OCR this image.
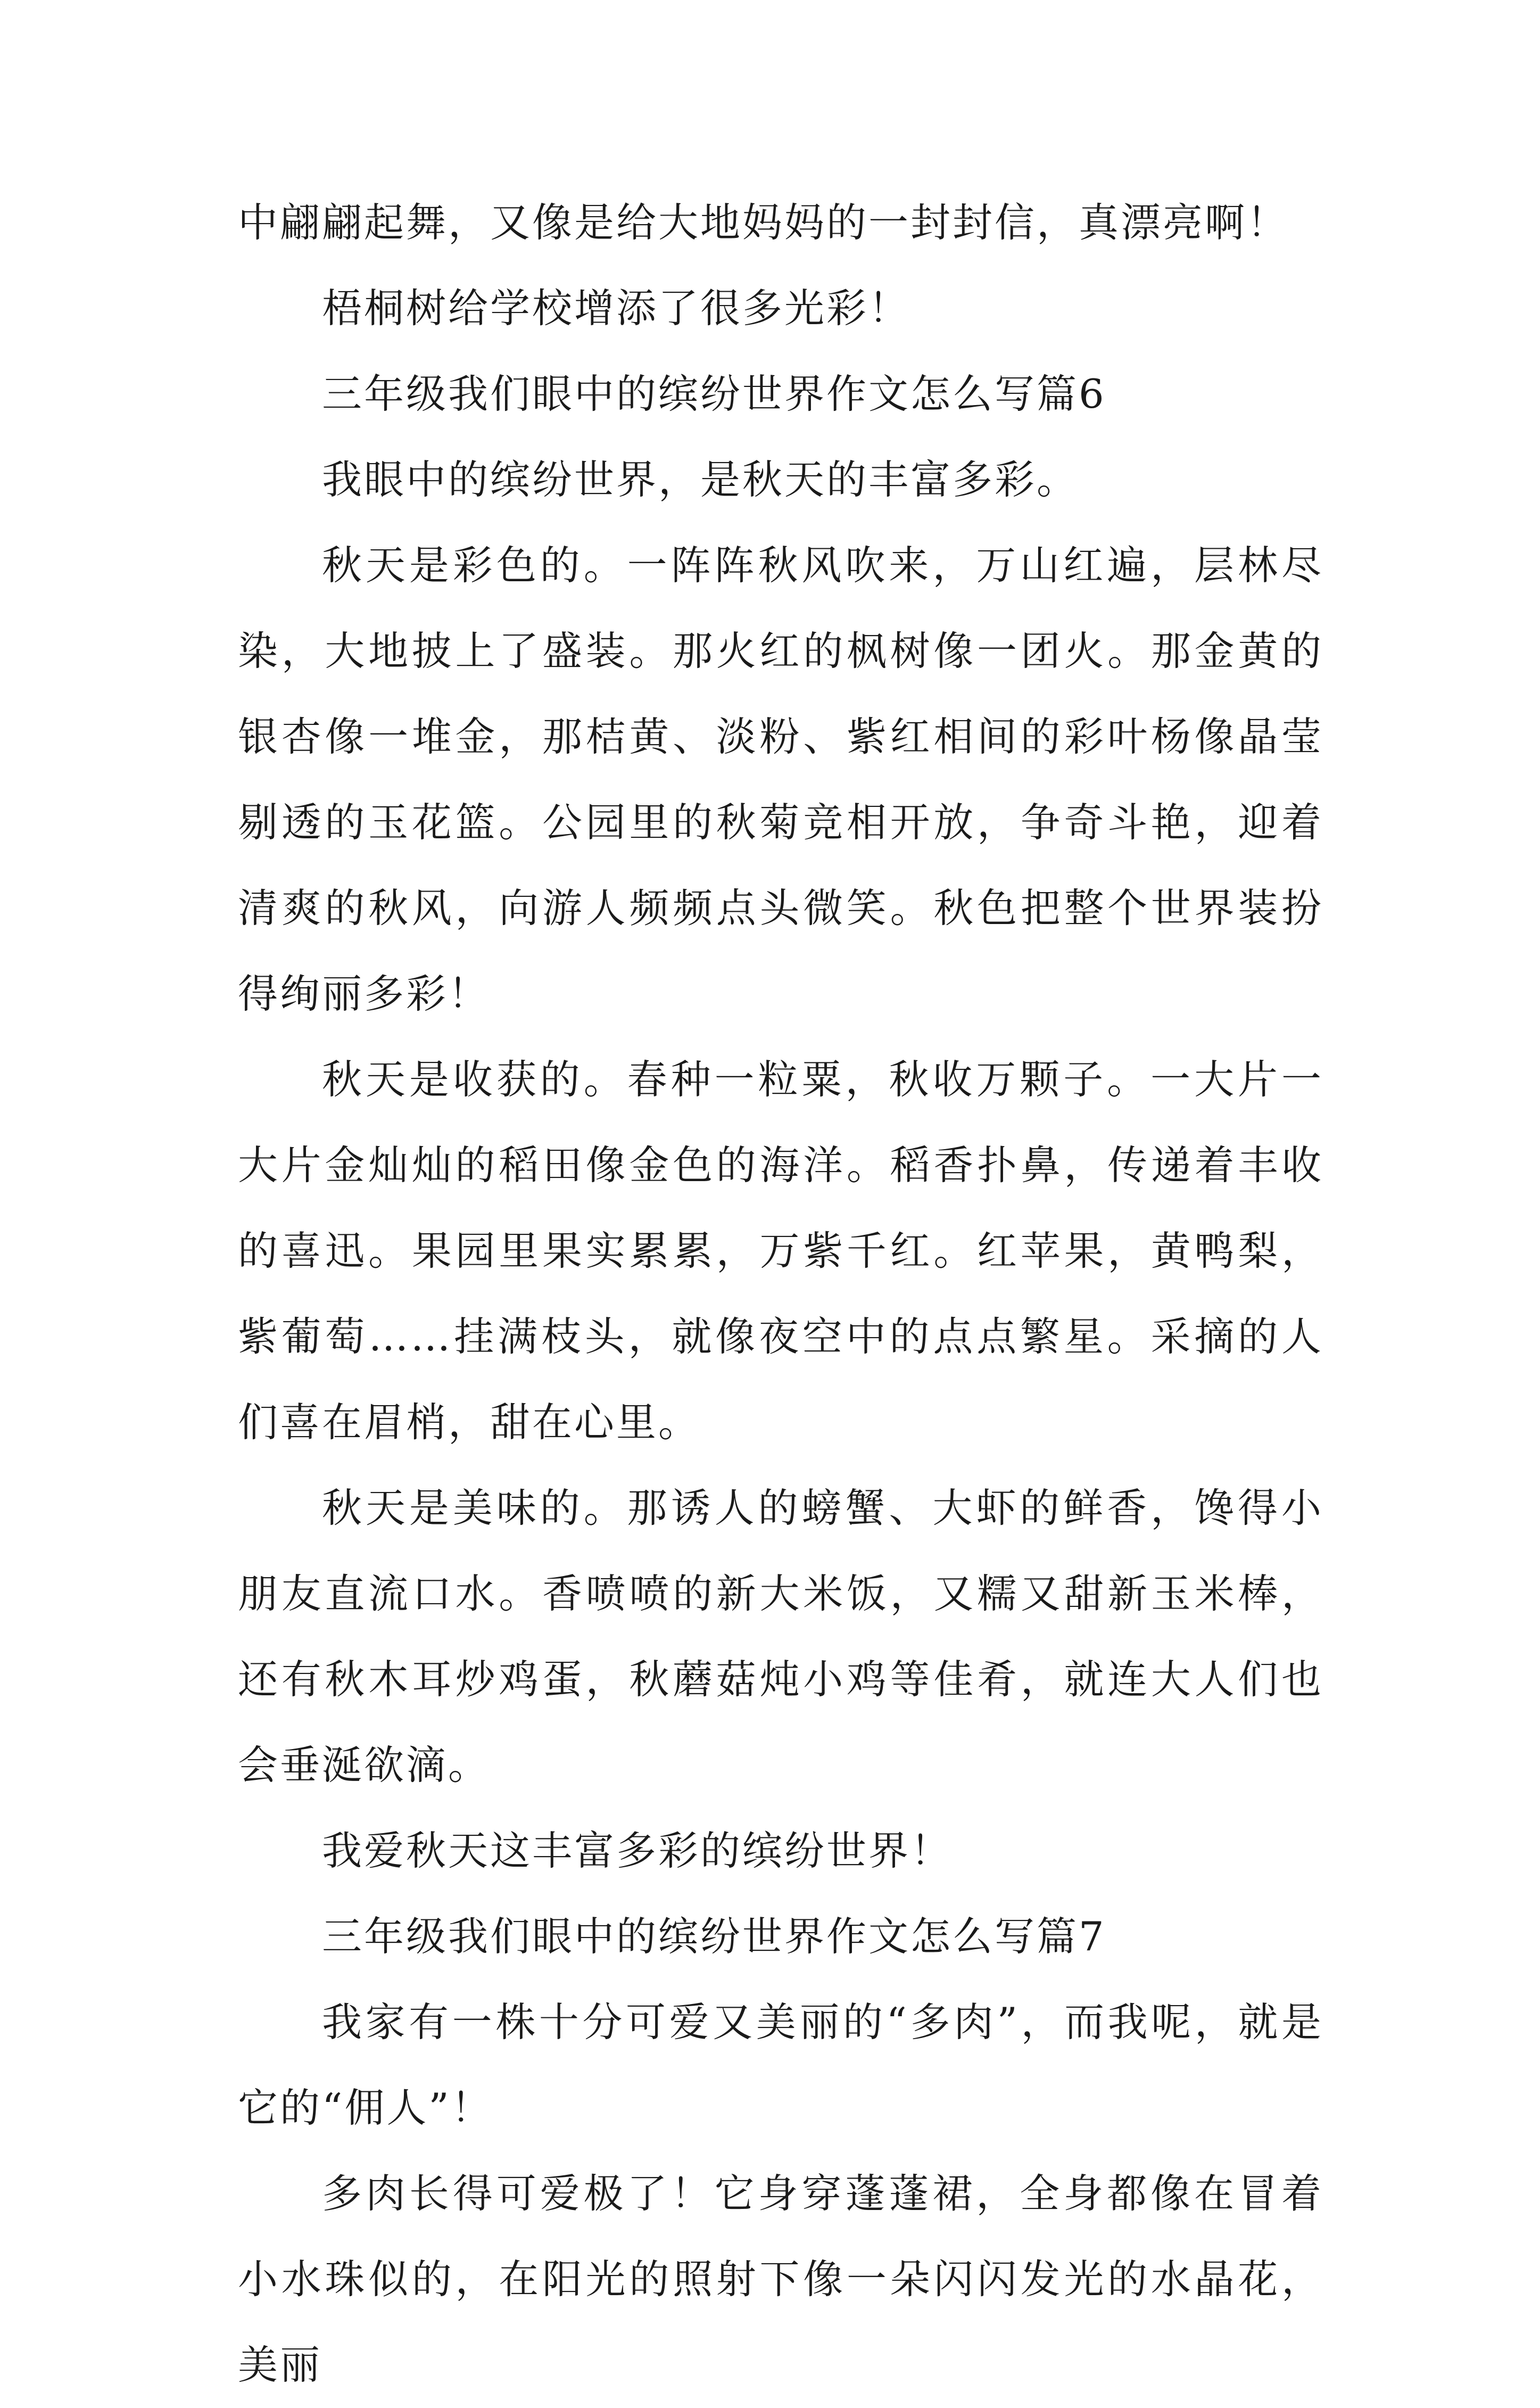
中翩翩起舞，又像是给大地妈妈的一封封信，真漂亮啊！

梧桐树给学校增添了很多光彩！

三年级我们眼中的缤纷世界作文怎么写篇6

我眼中的缤纷世界，是秋天的丰富多彩。

秋天是彩色的。一阵阵秋风吹来，万山红遍，层林尽染，大地披上了盛装。那火红的枫树像一团火。那金黄的银杏像一堆金，那桔黄、淡粉、紫红相间的彩叶杨像晶莹剔透的玉花篮。公园里的秋菊竞相开放，争奇斗艳，迎着清爽的秋风，向游人频频点头微笑。秋色把整个世界装扮得绚丽多彩！

秋天是收获的。春种一粒粟，秋收万颗子。一大片一大片金灿灿的稻田像金色的海洋。稻香扑鼻，传递着丰收的喜迅。果园里果实累累，万紫千红。红苹果，黄鸭梨，紫葡萄……挂满枝头，就像夜空中的点点繁星。采摘的人们喜在眉梢，甜在心里。

秋天是美味的。那诱人的螃蟹、大虾的鲜香，馋得小朋友直流口水。香喷喷的新大米饭，又糯又甜新玉米棒，还有秋木耳炒鸡蛋，秋蘑菇炖小鸡等佳肴，就连大人们也会垂涎欲滴。

我爱秋天这丰富多彩的缤纷世界！

三年级我们眼中的缤纷世界作文怎么写篇7

我家有一株十分可爱又美丽的“多肉”，而我呢，就是它的“佣人”！

多肉长得可爱极了！它身穿蓬蓬裙，全身都像在冒着小水珠似的，在阳光的照射下像一朵闪闪发光的水晶花，美丽
